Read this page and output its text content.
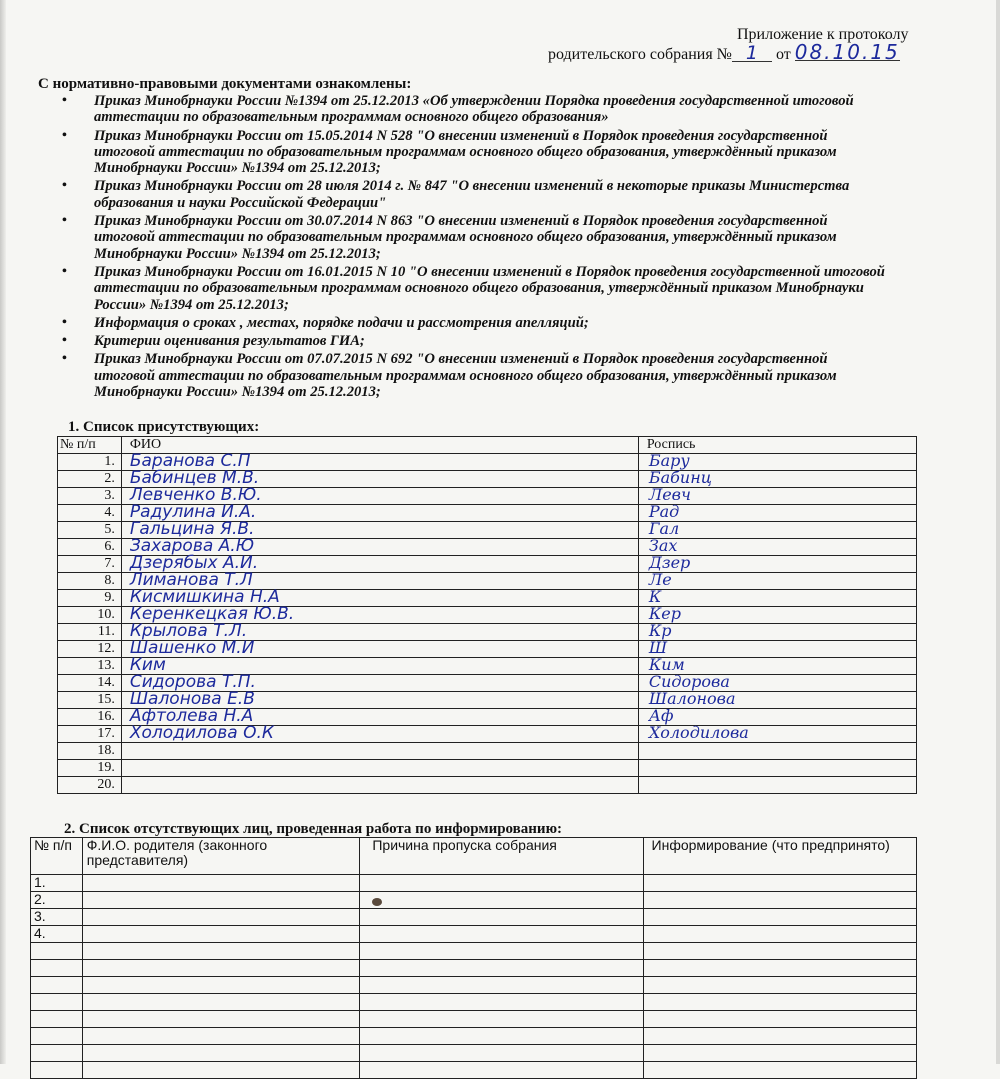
Приложение к протоколу
родительского собрания № 1 от 08.10.15
С нормативно-правовыми документами ознакомлены:
• Приказ Минобрнауки России №1394 от 25.12.2013 «Об утверждении Порядка проведения государственной итоговой аттестации по образовательным программам основного общего образования»
• Приказ Минобрнауки России от 15.05.2014 N 528 "О внесении изменений в Порядок проведения государственной итоговой аттестации по образовательным программам основного общего образования, утверждённый приказом Минобрнауки России» №1394 от 25.12.2013;
• Приказ Минобрнауки России от 28 июля 2014 г. № 847 "О внесении изменений в некоторые приказы Министерства образования и науки Российской Федерации"
• Приказ Минобрнауки России от 30.07.2014 N 863 "О внесении изменений в Порядок проведения государственной итоговой аттестации по образовательным программам основного общего образования, утверждённый приказом Минобрнауки России» №1394 от 25.12.2013;
• Приказ Минобрнауки России от 16.01.2015 N 10 "О внесении изменений в Порядок проведения государственной итоговой аттестации по образовательным программам основного общего образования, утверждённый приказом Минобрнауки России» №1394 от 25.12.2013;
• Информация о сроках , местах, порядке подачи и рассмотрения апелляций;
• Критерии оценивания результатов ГИА;
• Приказ Минобрнауки России от 07.07.2015 N 692 "О внесении изменений в Порядок проведения государственной итоговой аттестации по образовательным программам основного общего образования, утверждённый приказом Минобрнауки России» №1394 от 25.12.2013;
1. Список присутствующих:
№ п/п	ФИО	Роспись
1.	Баранова С.П	Бару
2.	Бабинцев М.В.	Бабинц
3.	Левченко В.Ю.	Левч
4.	Радулина И.А.	Рад
5.	Гальцина Я.В.	Гал
6.	Захарова А.Ю	Зах
7.	Дзерябых А.И.	Дзер
8.	Лиманова Т.Л	Ле
9.	Кисмишкина Н.А	К
10.	Керенкецкая Ю.В.	Кер
11.	Крылова Т.Л.	Кр
12.	Шашенко М.И	Ш
13.	Ким	Ким
14.	Сидорова Т.П.	Сидорова
15.	Шалонова Е.В	Шалонова
16.	Афтолева Н.А	Аф
17.	Холодилова О.К	Холодилова
18.		
19.		
20.		
2. Список отсутствующих лиц, проведенная работа по информированию:
№ п/п	Ф.И.О. родителя (законного представителя)	Причина пропуска собрания	Информирование (что предпринято)
1.			
2.			
3.			
4.			
